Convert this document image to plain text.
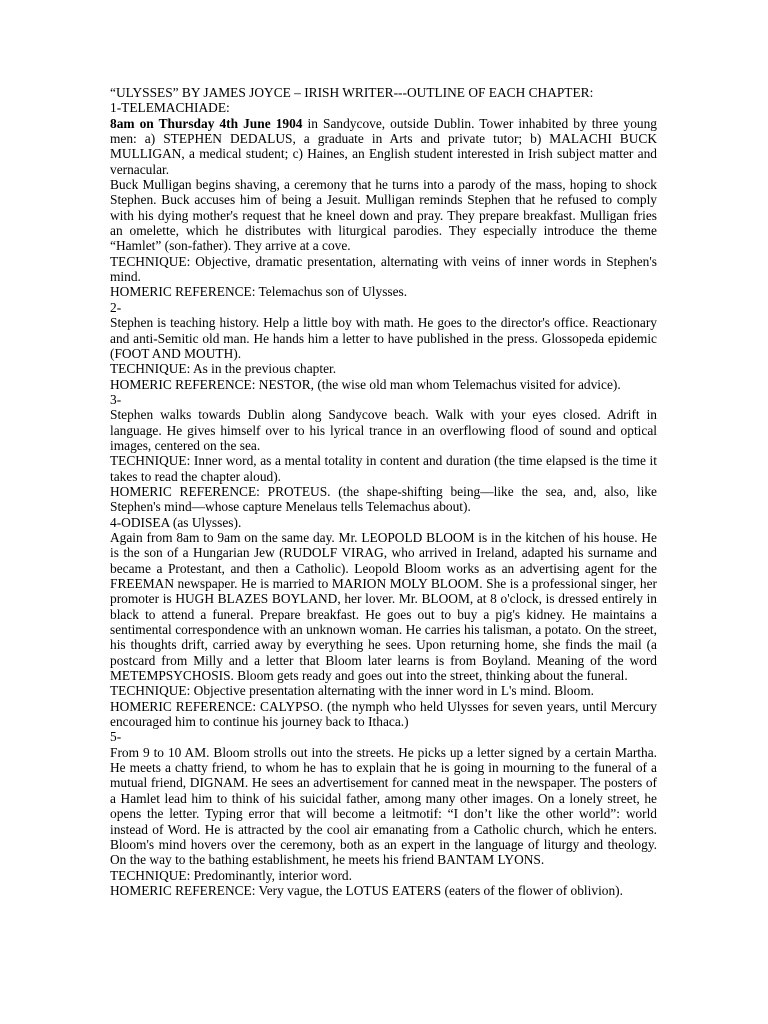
“ULYSSES” BY JAMES JOYCE – IRISH WRITER---OUTLINE OF EACH CHAPTER:

1-TELEMACHIADE:

8am on Thursday 4th June 1904 in Sandycove, outside Dublin. Tower inhabited by three young men: a) STEPHEN DEDALUS, a graduate in Arts and private tutor; b) MALACHI BUCK MULLIGAN, a medical student; c) Haines, an English student interested in Irish subject matter and vernacular.

Buck Mulligan begins shaving, a ceremony that he turns into a parody of the mass, hoping to shock Stephen. Buck accuses him of being a Jesuit. Mulligan reminds Stephen that he refused to comply with his dying mother's request that he kneel down and pray. They prepare breakfast. Mulligan fries an omelette, which he distributes with liturgical parodies. They especially introduce the theme “Hamlet” (son-father). They arrive at a cove.

TECHNIQUE: Objective, dramatic presentation, alternating with veins of inner words in Stephen's mind.

HOMERIC REFERENCE: Telemachus son of Ulysses.

2-

Stephen is teaching history. Help a little boy with math. He goes to the director's office. Reactionary and anti-Semitic old man. He hands him a letter to have published in the press. Glossopeda epidemic (FOOT AND MOUTH).

TECHNIQUE: As in the previous chapter.

HOMERIC REFERENCE: NESTOR, (the wise old man whom Telemachus visited for advice).

3-

Stephen walks towards Dublin along Sandycove beach. Walk with your eyes closed. Adrift in language. He gives himself over to his lyrical trance in an overflowing flood of sound and optical images, centered on the sea.

TECHNIQUE: Inner word, as a mental totality in content and duration (the time elapsed is the time it takes to read the chapter aloud).

HOMERIC REFERENCE: PROTEUS. (the shape-shifting being—like the sea, and, also, like Stephen's mind—whose capture Menelaus tells Telemachus about).

4-ODISEA (as Ulysses).

Again from 8am to 9am on the same day. Mr. LEOPOLD BLOOM is in the kitchen of his house. He is the son of a Hungarian Jew (RUDOLF VIRAG, who arrived in Ireland, adapted his surname and became a Protestant, and then a Catholic). Leopold Bloom works as an advertising agent for the FREEMAN newspaper. He is married to MARION MOLY BLOOM. She is a professional singer, her promoter is HUGH BLAZES BOYLAND, her lover. Mr. BLOOM, at 8 o'clock, is dressed entirely in black to attend a funeral. Prepare breakfast. He goes out to buy a pig's kidney. He maintains a sentimental correspondence with an unknown woman. He carries his talisman, a potato. On the street, his thoughts drift, carried away by everything he sees. Upon returning home, she finds the mail (a postcard from Milly and a letter that Bloom later learns is from Boyland. Meaning of the word METEMPSYCHOSIS. Bloom gets ready and goes out into the street, thinking about the funeral.

TECHNIQUE: Objective presentation alternating with the inner word in L's mind. Bloom.

HOMERIC REFERENCE: CALYPSO. (the nymph who held Ulysses for seven years, until Mercury encouraged him to continue his journey back to Ithaca.)

5-

From 9 to 10 AM. Bloom strolls out into the streets. He picks up a letter signed by a certain Martha. He meets a chatty friend, to whom he has to explain that he is going in mourning to the funeral of a mutual friend, DIGNAM. He sees an advertisement for canned meat in the newspaper. The posters of a Hamlet lead him to think of his suicidal father, among many other images. On a lonely street, he opens the letter. Typing error that will become a leitmotif: “I don’t like the other world”: world instead of Word. He is attracted by the cool air emanating from a Catholic church, which he enters. Bloom's mind hovers over the ceremony, both as an expert in the language of liturgy and theology. On the way to the bathing establishment, he meets his friend BANTAM LYONS.

TECHNIQUE: Predominantly, interior word.

HOMERIC REFERENCE: Very vague, the LOTUS EATERS (eaters of the flower of oblivion).
